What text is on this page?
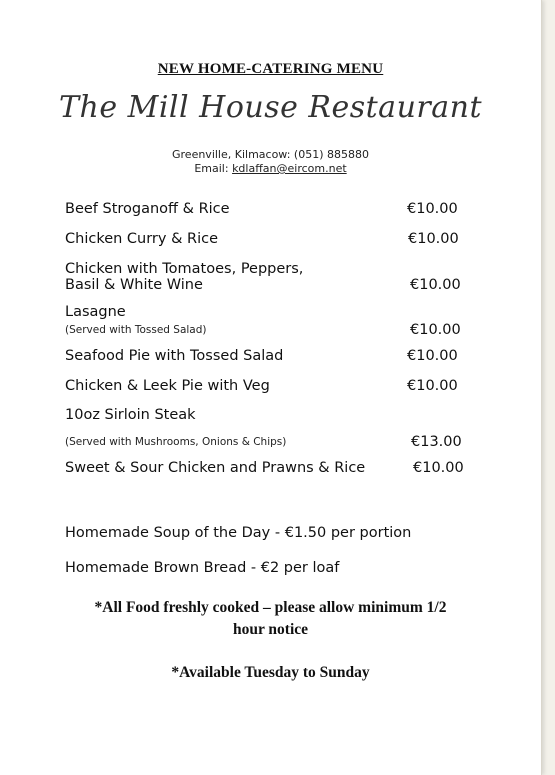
NEW HOME-CATERING MENU
The Mill House Restaurant
Greenville, Kilmacow: (051) 885880
Email: kdlaffan@eircom.net
Beef Stroganoff & Rice	€10.00
Chicken Curry & Rice	€10.00
Chicken with Tomatoes, Peppers,
Basil & White Wine	€10.00
Lasagne
(Served with Tossed Salad)	€10.00
Seafood Pie with Tossed Salad	€10.00
Chicken & Leek Pie with Veg	€10.00
10oz Sirloin Steak
(Served with Mushrooms, Onions & Chips)	€13.00
Sweet & Sour Chicken and Prawns & Rice	€10.00
Homemade Soup of the Day - €1.50 per portion
Homemade Brown Bread - €2 per loaf
*All Food freshly cooked – please allow minimum 1/2
hour notice
*Available Tuesday to Sunday
